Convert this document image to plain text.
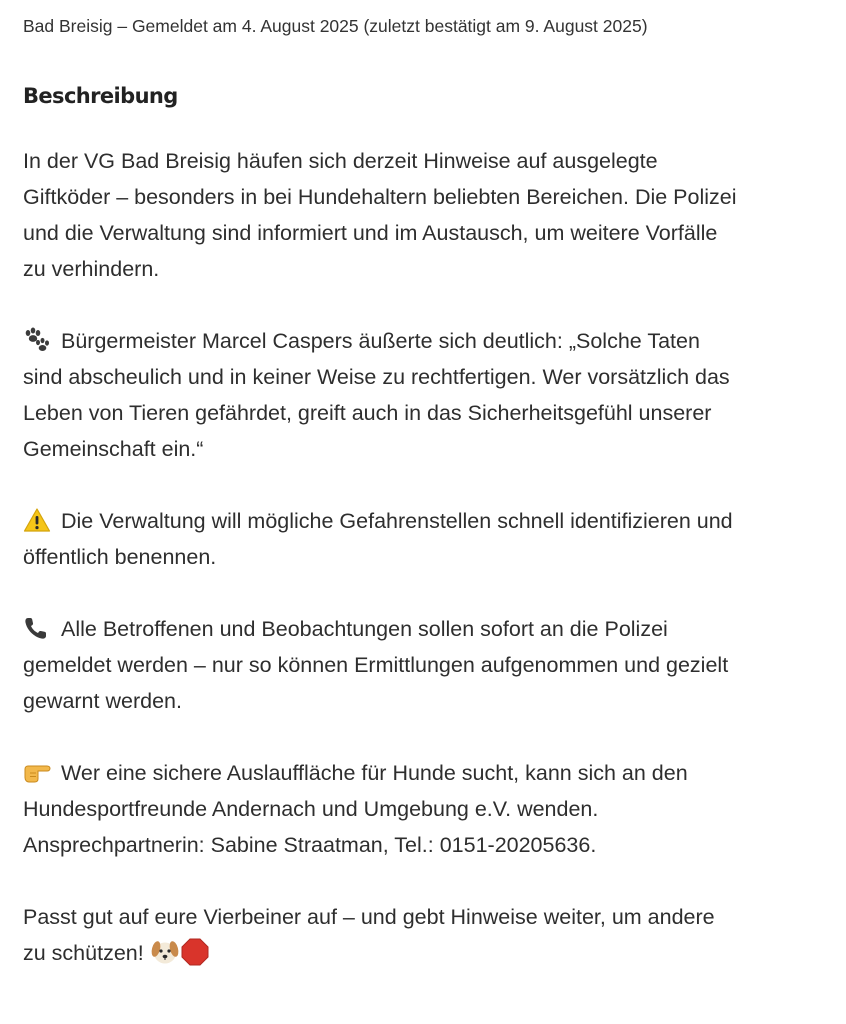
Bad Breisig – Gemeldet am 4. August 2025 (zuletzt bestätigt am 9. August 2025)
Beschreibung

In der VG Bad Breisig häufen sich derzeit Hinweise auf ausgelegte
Giftköder – besonders in bei Hundehaltern beliebten Bereichen. Die Polizei
und die Verwaltung sind informiert und im Austausch, um weitere Vorfälle
zu verhindern.

Bürgermeister Marcel Caspers äußerte sich deutlich: „Solche Taten
sind abscheulich und in keiner Weise zu rechtfertigen. Wer vorsätzlich das
Leben von Tieren gefährdet, greift auch in das Sicherheitsgefühl unserer
Gemeinschaft ein.“

Die Verwaltung will mögliche Gefahrenstellen schnell identifizieren und
öffentlich benennen.

Alle Betroffenen und Beobachtungen sollen sofort an die Polizei
gemeldet werden – nur so können Ermittlungen aufgenommen und gezielt
gewarnt werden.

Wer eine sichere Auslauffläche für Hunde sucht, kann sich an den
Hundesportfreunde Andernach und Umgebung e.V. wenden.
Ansprechpartnerin: Sabine Straatman, Tel.: 0151-20205636.

Passt gut auf eure Vierbeiner auf – und gebt Hinweise weiter, um andere
zu schützen!
